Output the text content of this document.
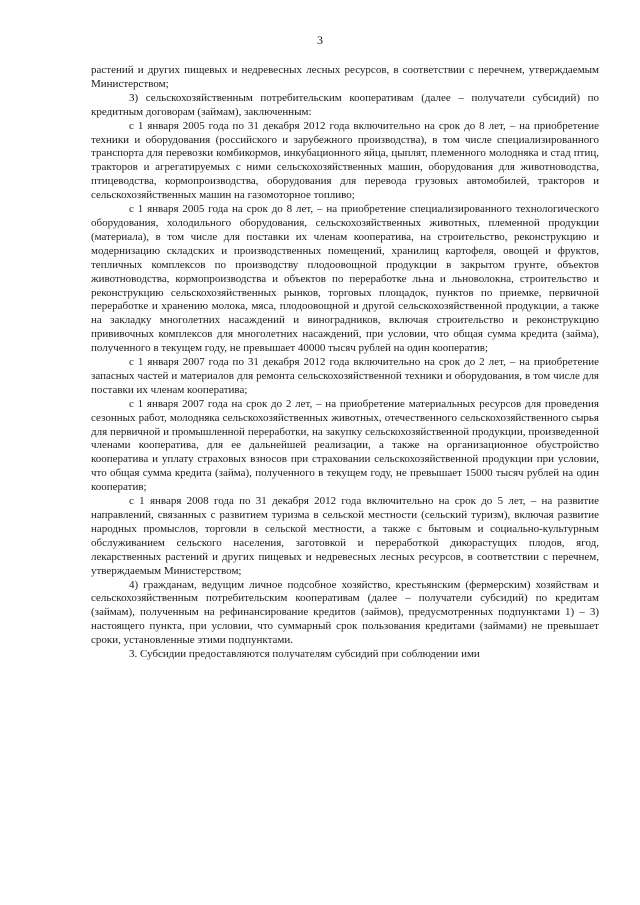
3

растений и других пищевых и недревесных лесных ресурсов, в соответствии с перечнем, утверждаемым Министерством;

3) сельскохозяйственным потребительским кооперативам (далее – получатели субсидий) по кредитным договорам (займам), заключенным:

с 1 января 2005 года по 31 декабря 2012 года включительно на срок до 8 лет, – на приобретение техники и оборудования (российского и зарубежного производства), в том числе специализированного транспорта для перевозки комбикормов, инкубационного яйца, цыплят, племенного молодняка и стад птиц, тракторов и агрегатируемых с ними сельскохозяйственных машин, оборудования для животноводства, птицеводства, кормопроизводства, оборудования для перевода грузовых автомобилей, тракторов и сельскохозяйственных машин на газомоторное топливо;

с 1 января 2005 года на срок до 8 лет, – на приобретение специализированного технологического оборудования, холодильного оборудования, сельскохозяйственных животных, племенной продукции (материала), в том числе для поставки их членам кооператива, на строительство, реконструкцию и модернизацию складских и производственных помещений, хранилищ картофеля, овощей и фруктов, тепличных комплексов по производству плодоовощной продукции в закрытом грунте, объектов животноводства, кормопроизводства и объектов по переработке льна и льноволокна, строительство и реконструкцию сельскохозяйственных рынков, торговых площадок, пунктов по приемке, первичной переработке и хранению молока, мяса, плодоовощной и другой сельскохозяйственной продукции, а также на закладку многолетних насаждений и виноградников, включая строительство и реконструкцию прививочных комплексов для многолетних насаждений, при условии, что общая сумма кредита (займа), полученного в текущем году, не превышает 40000 тысяч рублей на один кооператив;

с 1 января 2007 года по 31 декабря 2012 года включительно на срок до 2 лет, – на приобретение запасных частей и материалов для ремонта сельскохозяйственной техники и оборудования, в том числе для поставки их членам кооператива;

с 1 января 2007 года на срок до 2 лет, – на приобретение материальных ресурсов для проведения сезонных работ, молодняка сельскохозяйственных животных, отечественного сельскохозяйственного сырья для первичной и промышленной переработки, на закупку сельскохозяйственной продукции, произведенной членами кооператива, для ее дальнейшей реализации, а также на организационное обустройство кооператива и уплату страховых взносов при страховании сельскохозяйственной продукции при условии, что общая сумма кредита (займа), полученного в текущем году, не превышает 15000 тысяч рублей на один кооператив;

с 1 января 2008 года по 31 декабря 2012 года включительно на срок до 5 лет, – на развитие направлений, связанных с развитием туризма в сельской местности (сельский туризм), включая развитие народных промыслов, торговли в сельской местности, а также с бытовым и социально-культурным обслуживанием сельского населения, заготовкой и переработкой дикорастущих плодов, ягод, лекарственных растений и других пищевых и недревесных лесных ресурсов, в соответствии с перечнем, утверждаемым Министерством;

4) гражданам, ведущим личное подсобное хозяйство, крестьянским (фермерским) хозяйствам и сельскохозяйственным потребительским кооперативам (далее – получатели субсидий) по кредитам (займам), полученным на рефинансирование кредитов (займов), предусмотренных подпунктами 1) – 3) настоящего пункта, при условии, что суммарный срок пользования кредитами (займами) не превышает сроки, установленные этими подпунктами.

3. Субсидии предоставляются получателям субсидий при соблюдении ими
